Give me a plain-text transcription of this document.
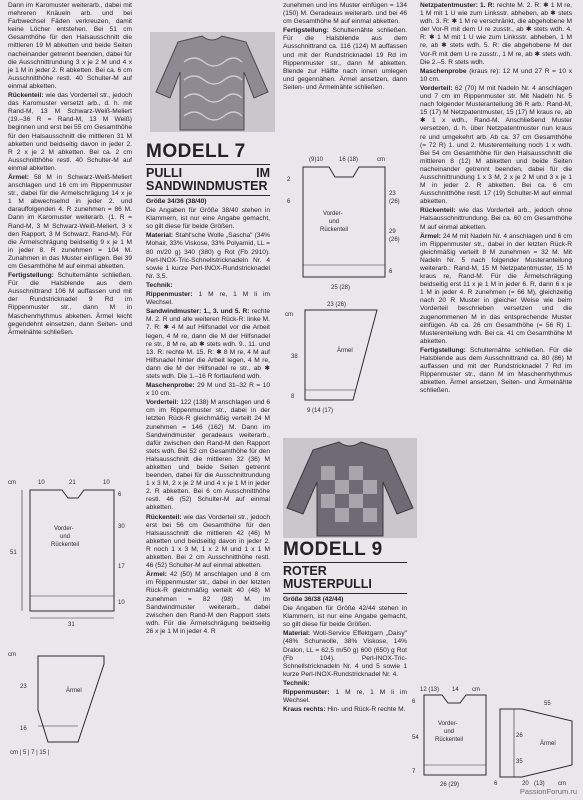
Dann im Karomuster weiterarb., dabei mit mehreren Knäueln arb. und bei Farbwechsel Fäden verkreuzen, damit keine Löcher entstehen. Bei 51 cm Gesamthöhe für den Halsausschnitt die mittleren 19 M abketten und beide Seiten nacheinander getrennt beenden, dabei für die Ausschnittrundung 3 x je 2 M und 4 x je 1 M in jeder 2. R abketten. Bei ca. 6 cm Ausschnitthöhe restl. 40 Schulter-M auf einmal abketten.

Rückenteil: wie das Vorderteil str., jedoch das Karomuster versetzt arb., d. h. mit Rand-M, 13 M Schwarz-Weiß-Meliert (19.–36 R = Rand-M, 13 M Weiß) beginnen und erst bei 55 cm Gesamthöhe für den Halsausschnitt die mittleren 31 M abketten und beidseitig davon in jeder 2. R 2 x je 2 M abketten. Bei ca. 2 cm Ausschnitthöhe restl. 40 Schulter-M auf einmal abketten.

Ärmel: 58 M in Schwarz-Weiß-Meliert anschlagen und 16 cm im Rippenmuster str., dabei für die Armelschrägung 14 x je 1 M abwechselnd in jeder 2. und darauffolgenden 4. R zunehmen = 86 M. Dann im Karomuster weiterarb. (1. R = Rand-M, 3 M Schwarz-Weiß-Meliert, 3 x den Rapport, 3 M Schwarz, Rand-M). Für die Ärmelschrägung beidseitig 9 x je 1 M in jeder 8. R zunehmen = 104 M. Zunahmen in das Muster einfügen. Bei 39 cm Gesamthöhe M auf einmal abketten.

Fertigstellung: Schulternähte schließen. Für die Halsblende aus dem Ausschnittrand 106 M auffassen und mit der Rundstricknadel 9 Rd im Rippenmuster str., dann M in Maschenrhythmus abketten. Ärmel leicht gegendehnt einsetzen, dann Seiten- und Ärmelnähte schließen.

cm	10	21	10
51
6
30
17
10
Vorder-
und
Rückenteil
31
cm
23
16
Ärmel
cm | 5 | 7 | 15 |
MODELL 7
PULLI IM SANDWINDMUSTER

Größe 34/36 (38/40)

Die Angaben für Größe 38/40 stehen in Klammern, ist nur eine Angabe gemacht, so gilt diese für beide Größen.

Material: Stahl'sche Wolle „Sascha" (34% Mohair, 33% Viskose, 33% Polyamid, LL = 80 m/20 g) 340 (380) g Rot (Fb 2910). Perl-INOX-Tric-Schnellstricknadeln Nr. 4 sowie 1 kurze Perl-INOX-Rundstricknadel Nr. 3,5.

Technik:

Rippenmuster: 1 M re, 1 M li im Wechsel.

Sandwindmuster: 1., 3. und 5. R: rechte M. 2. R und alle weiteren Rück-R: linke M. 7. R: ✱ 4 M auf Hilfsnadel vor die Arbeit legen, 4 M re, dann die M der Hilfsnadel re str., 8 M re, ab ✱ stets wdh. 9., 11. und 13. R: rechte M. 15. R: ✱ 8 M re, 4 M auf Hilfsnadel hinter die Arbeit legen, 4 M re, dann die M der Hilfsnadel re str., ab ✱ stets wdh. Die 1.–16 R fortlaufend wdh.

Maschenprobe: 29 M und 31–32 R = 10 x 10 cm.

Vorderteil: 122 (138) M anschlagen und 6 cm im Rippenmuster str., dabei in der letzten Rück-R gleichmäßig verteilt 24 M zunehmen = 146 (162) M. Dann im Sandwindmuster geradeaus weiterarb., dafür zwischen den Rand-M den Rapport stets wdh. Bei 52 cm Gesamthöhe für den Halsausschnitt die mittleren 32 (36) M abketten und beide Seiten getrennt beenden, dabei für die Ausschnittrundung 1 x 3 M, 2 x je 2 M und 4 x je 1 M in jeder 2. R abketten. Bei 6 cm Ausschnitthöhe restl. 46 (52) Schulter-M auf einmal abketten.

Rückenteil: wie das Vorderteil str., jedoch erst bei 56 cm Gesamthöhe für den Halsausschnitt die mittleren 42 (46) M abketten und beidseitig davon in jeder 2. R noch 1 x 3 M, 1 x 2 M und 1 x 1 M abketten. Bei 2 cm Ausschnitthöhe restl. 46 (52) Schulter-M auf einmal abketten.

Ärmel: 42 (50) M anschlagen und 8 cm im Rippenmuster str., dabei in der letzten Rück-R gleichmäßig verteilt 40 (48) M zunehmen = 82 (98) M. Im Sandwindmuster weiterarb., dabei zwischen den Rand-M den Rapport stets wdh. Für die Ärmelschrägung beidseitig 26 x je 1 M in jeder 4. R

zunehmen und ins Muster einfügen = 134 (150) M. Geradeaus weiterarb. und bei 46 cm Gesamthöhe M auf einmal abketten.

Fertigstellung: Schulternähte schließen. Für die Halsblende aus dem Ausschnittrand ca. 116 (124) M auffassen und mit der Rundstricknadel 19 Rd im Rippenmuster str., dann M abketten. Blende zur Hälfte nach innen umlegen und gegennähen. Ärmel ansetzen, dann Seiten- und Ärmelnähte schließen.

(9)10	16 (18)	cm
2
6
23
(26)
29
(26)
6
Vorder-
und
Rückenteil
25 (28)
23 (26)
cm
38
8
Ärmel
9 (14 (17)
MODELL 9
ROTER MUSTERPULLI

Größe 36/38 (42/44)

Die Angaben für Größe 42/44 stehen in Klammern, ist nur eine Angabe gemacht, so gilt diese für beide Größen.

Material: Woll-Service Effektgarn „Daisy" (48% Schurwolle, 38% Viskose, 14% Dralon, LL = 62,5 m/50 g) 600 (650) g Rot (Fb 104). Perl-INOX-Tric-Schnellstricknadeln Nr. 4 und 5 sowie 1 kurze Perl-INOX-Rundstricknadel Nr. 4.

Technik:

Rippenmuster: 1 M re, 1 M li im Wechsel.

Kraus rechts: Hin- und Rück-R rechte M.

Netzpatentmuster: 1. R: rechte M. 2. R: ✱ 1 M re, 1 M mit 1 U wie zum Linksstr. abheben, ab ✱ stets wdh. 3. R: ✱ 1 M re verschränkt, die abgehobene M der Vor-R mit dem U re zusstr., ab ✱ stets wdh. 4. R: ✱ 1 M mit 1 U wie zum Linksstr. abheben, 1 M re, ab ✱ stets wdh. 5. R: die abgehobene M der Vor-R mit dem U re zusstr., 1 M re, ab ✱ stets wdh. Die 2.–5. R stets wdh.

Maschenprobe (kraus re): 12 M und 27 R = 10 x 10 cm.

Vorderteil: 62 (70) M mit Nadeln Nr. 4 anschlagen und 7 cm im Rippenmuster str. Mit Nadeln Nr. 5 nach folgender Musteranteilung 36 R arb.: Rand-M, 15 (17) M Netzpatentmuster, 15 (17) M kraus re, ab ✱ 1 x wdh., Rand-M. Anschließend Muster versetzen, d. h. über Netzpatentmuster nun kraus re und umgekehrt arb. Ab ca. 37 cm Gesamthöhe (= 72 R) 1. und 2. Musterenteilung noch 1 x wdh. Bei 54 cm Gesamthöhe für den Halsausschnitt die mittleren 8 (12) M abketten und beide Seiten nacheinander getrennt beenden, dabei für die Ausschnittrundung 1 x 3 M, 2 x je 2 M und 3 x je 1 M in jeder 2. R abketten. Bei ca. 6 cm Ausschnitthöhe restl. 17 (19) Schulter-M auf einmal abketten.

Rückenteil: wie das Vorderteil arb., jedoch ohne Halsausschnittrundung. Bei ca. 60 cm Gesamthöhe M auf einmal abketten.

Ärmel: 24 M mit Nadeln Nr. 4 anschlagen und 6 cm im Rippenmuster str., dabei in der letzten Rück-R gleichmäßig verteilt 8 M zunehmen = 32 M. Mit Nadeln Nr. 5 nach folgender Musteranteilung weiterarb.: Rand-M, 15 M Netzpatentmuster, 15 M kraus re, Rand-M. Für die Ärmelschrägung beidseitig erst 11 x je 1 M in jeder 6. R, dann 6 x je 1 M in jeder 4. R zunehmen (= 66 M), gleichzeitig nach 20 R Muster in gleicher Weise wie beim Vorderteil beschrieben versetzen und die zugenommenen M in das entsprechende Muster einfügen. Ab ca. 26 cm Gesamthöhe (= 56 R) 1. Musterenteilung wdh. Bei ca. 41 cm Gesamthöhe M abketten.

Fertigstellung: Schulternähte schließen. Für die Halsblende aus dem Ausschnittrand ca. 80 (86) M auffassen und mit der Rundstricknadel 7 Rd im Rippenmuster str., dann M im Maschenrhythmus abketten. Ärmel ansetzen, Seiten- und Ärmelnähte schließen.

12 (13) 14 cm
6
54
7
Vorder-
und
Rückenteil
26 (29)
Ärmel
26
35
55
6	20 (13) cm
PassionForum.ru
